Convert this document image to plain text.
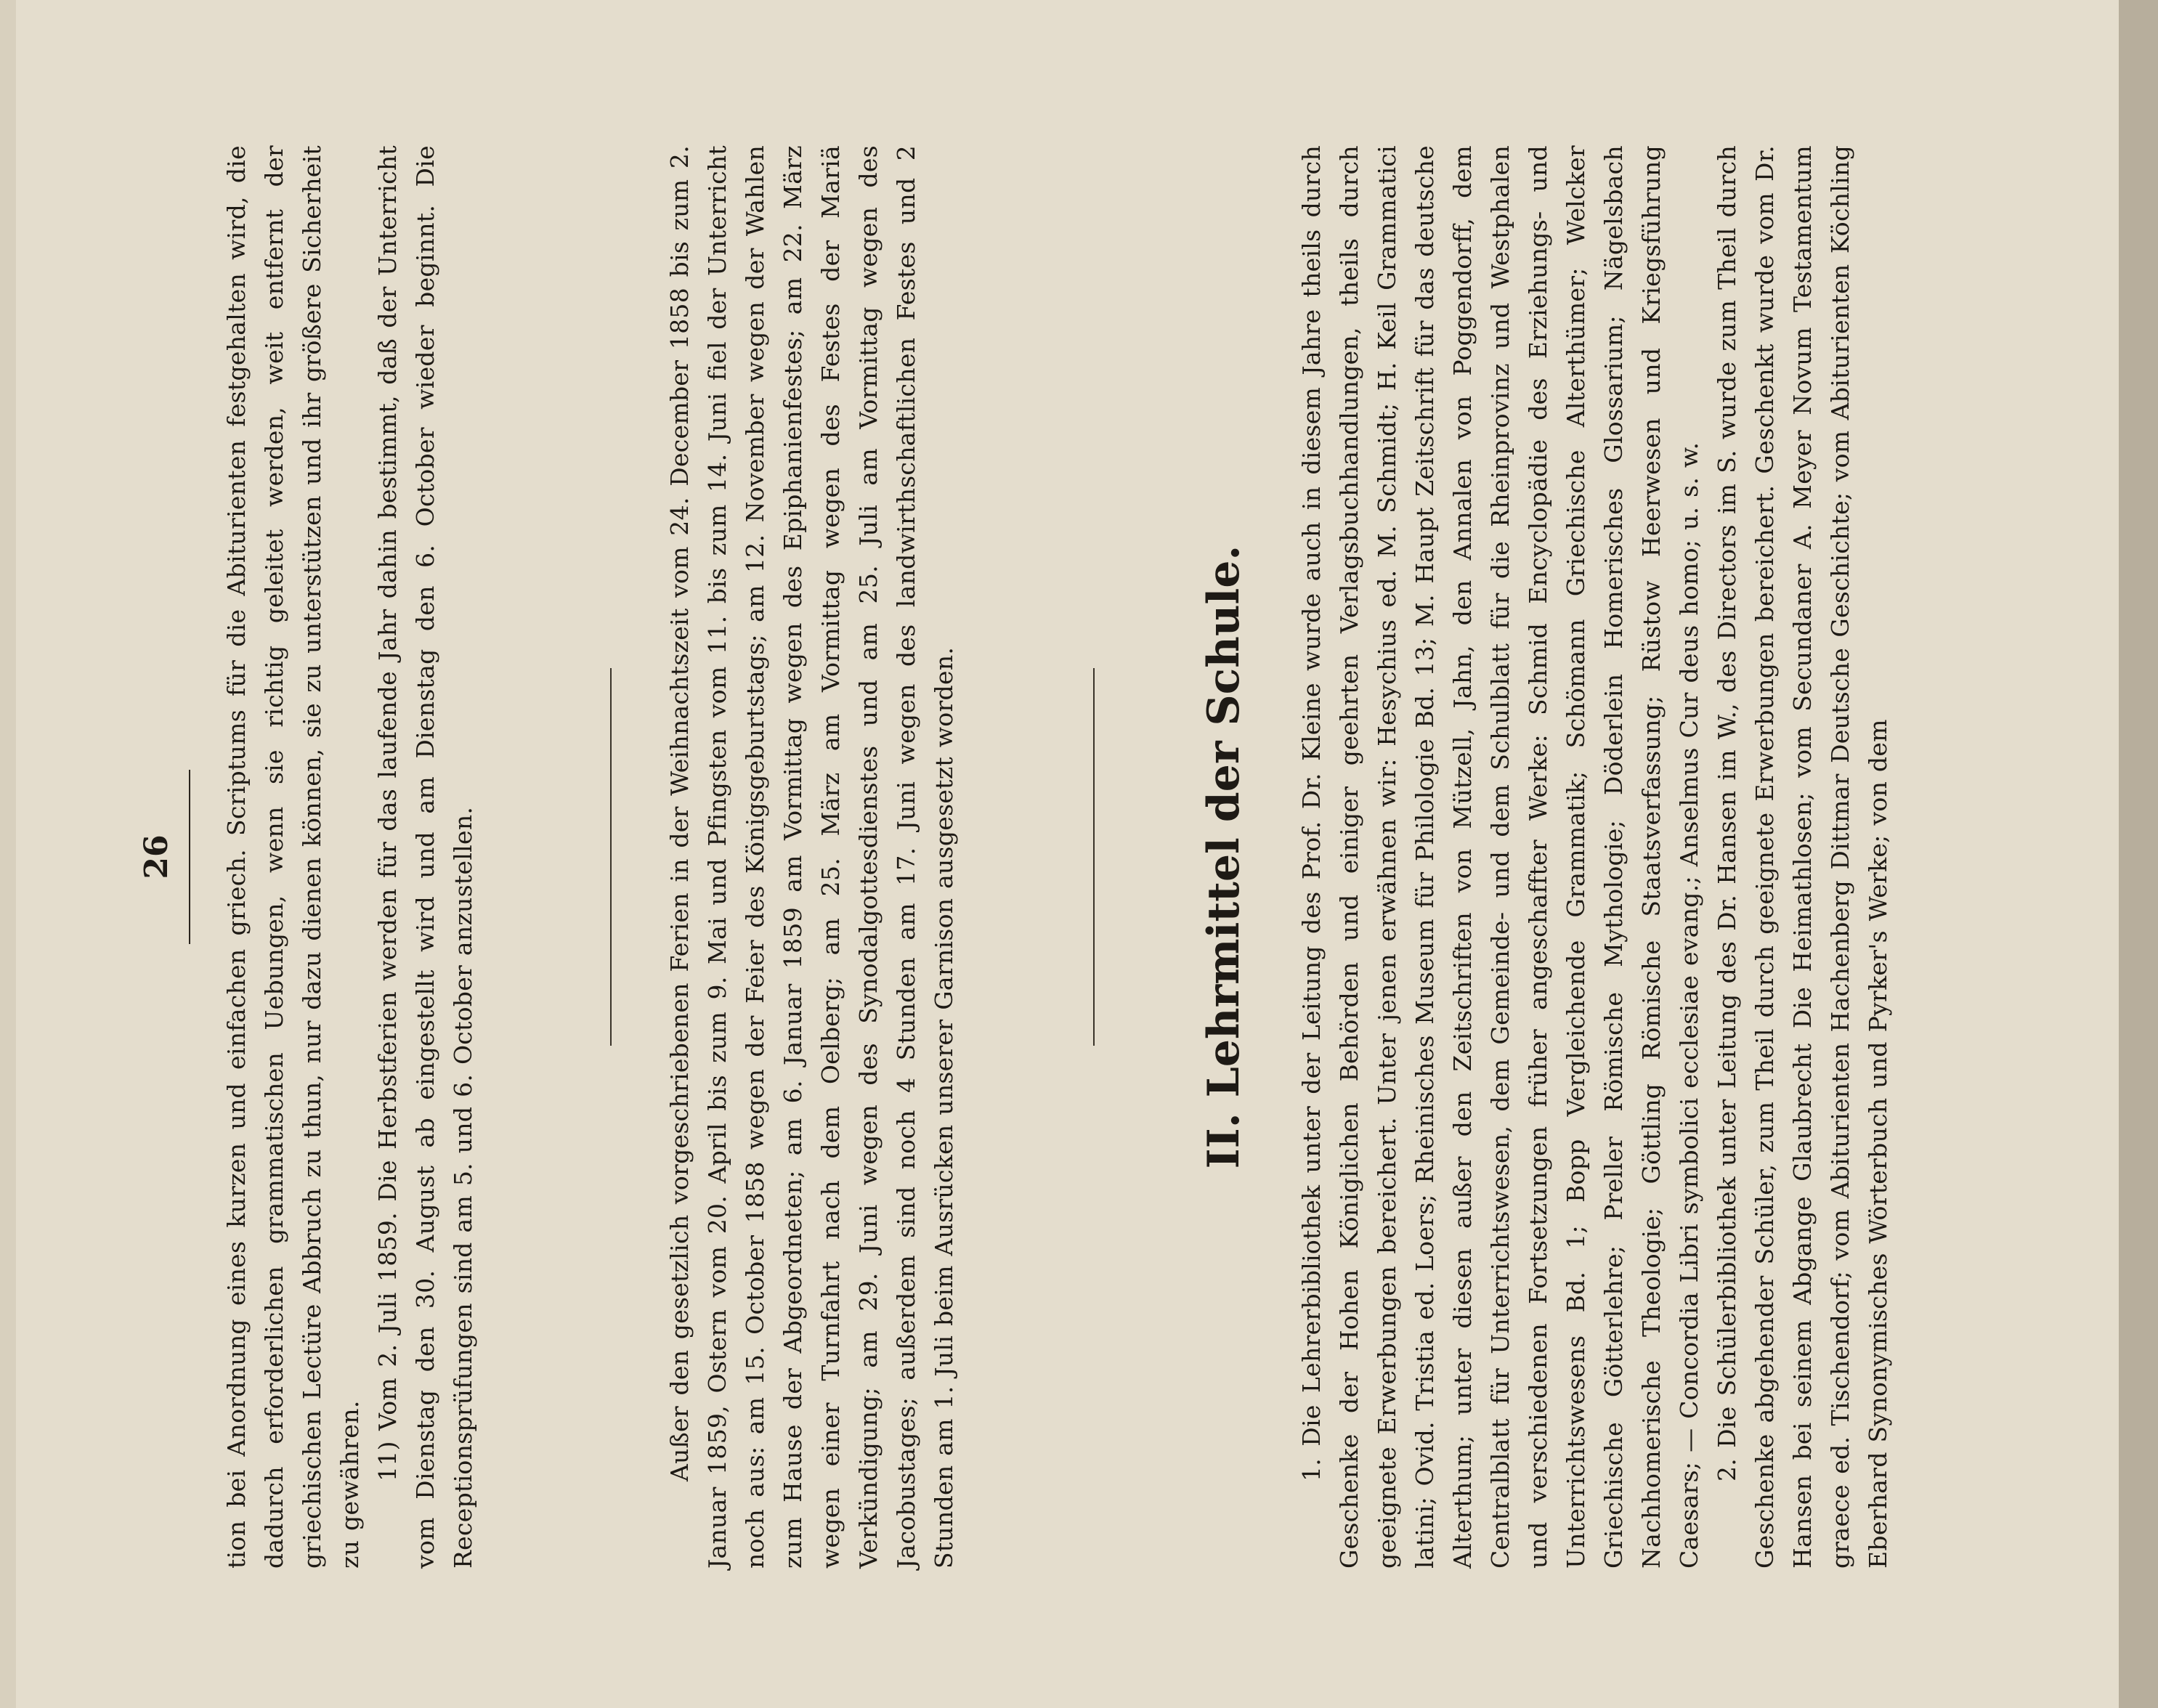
26 tion bei Anordnung eines kurzen und einfachen griech. Scriptums für die Abiturienten festgehalten wird, die dadurch erforderlichen grammatischen Uebungen, wenn sie richtig geleitet werden, weit entfernt der griechischen Lectüre Abbruch zu thun, nur dazu dienen können, sie zu unterstützen und ihr größere Sicherheit zu gewähren.

11) Vom 2. Juli 1859. Die Herbstferien werden für das laufende Jahr dahin bestimmt, daß der Unterricht vom Dienstag den 30. August ab eingestellt wird und am Dienstag den 6. October wieder beginnt. Die Receptionsprüfungen sind am 5. und 6. October anzustellen.	Außer den gesetzlich vorgeschriebenen Ferien in der Weihnachtszeit vom 24. December 1858 bis zum 2. Januar 1859, Ostern vom 20. April bis zum 9. Mai und Pfingsten vom 11. bis zum 14. Juni fiel der Unterricht noch aus: am 15. October 1858 wegen der Feier des Königsgeburtstags; am 12. November wegen der Wahlen zum Hause der Abgeordneten; am 6. Januar 1859 am Vormittag wegen des Epiphanienfestes; am 22. März wegen einer Turnfahrt nach dem Oelberg; am 25. März am Vormittag wegen des Festes der Mariä Verkündigung; am 29. Juni wegen des Synodalgottesdienstes und am 25. Juli am Vormittag wegen des Jacobustages; außerdem sind noch 4 Stunden am 17. Juni wegen des landwirthschaftlichen Festes und 2 Stunden am 1. Juli beim Ausrücken unserer Garnison ausgesetzt worden.	II. Lehrmittel der Schule. 1. Die Lehrerbibliothek unter der Leitung des Prof. Dr. Kleine wurde auch in diesem Jahre theils durch Geschenke der Hohen Königlichen Behörden und einiger geehrten Verlagsbuchhandlungen, theils durch geeignete Erwerbungen bereichert. Unter jenen erwähnen wir: Hesychius ed. M. Schmidt; H. Keil Grammatici latini; Ovid. Tristia ed. Loers; Rheinisches Museum für Philologie Bd. 13; M. Haupt Zeitschrift für das deutsche Alterthum; unter diesen außer den Zeitschriften von Mützell, Jahn, den Annalen von Poggendorff, dem Centralblatt für Unterrichtswesen, dem Gemeinde- und dem Schulblatt für die Rheinprovinz und Westphalen und verschiedenen Fortsetzungen früher angeschaffter Werke: Schmid Encyclopädie des Erziehungs- und Unterrichtswesens Bd. 1; Bopp Vergleichende Grammatik; Schömann Griechische Alterthümer; Welcker Griechische Götterlehre; Preller Römische Mythologie; Döderlein Homerisches Glossarium; Nägelsbach Nachhomerische Theologie; Göttling Römische Staatsverfassung; Rüstow Heerwesen und Kriegsführung Caesars; — Concordia Libri symbolici ecclesiae evang.; Anselmus Cur deus homo; u. s. w. 2. Die Schülerbibliothek unter Leitung des Dr. Hansen im W., des Directors im S. wurde zum Theil durch Geschenke abgehender Schüler, zum Theil durch geeignete Erwerbungen bereichert. Geschenkt wurde vom Dr. Hansen bei seinem Abgange Glaubrecht Die Heimathlosen; vom Secundaner A. Meyer Novum Testamentum graece ed. Tischendorf; vom Abiturienten Hachenberg Dittmar Deutsche Geschichte; vom Abiturienten Köchling Eberhard Synonymisches Wörterbuch und Pyrker's Werke; von dem
